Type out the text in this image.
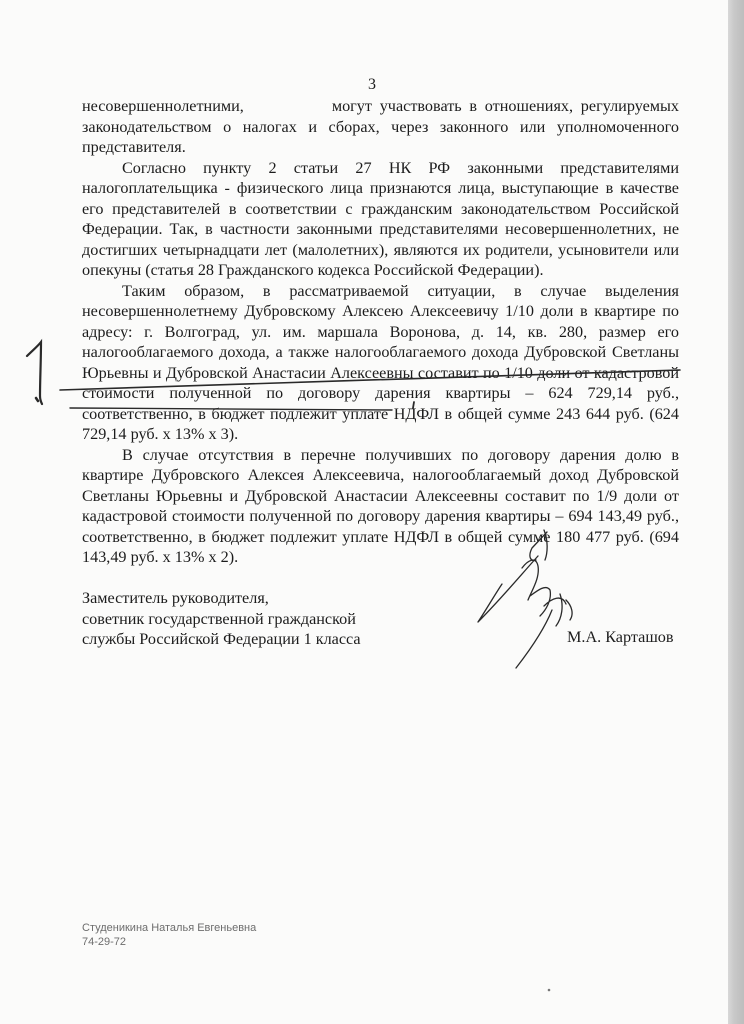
3

несовершеннолетними,	могут участвовать в отношениях, регулируемых законодательством о налогах и сборах, через законного или уполномоченного представителя.

Согласно пункту 2 статьи 27 НК РФ законными представителями налогоплательщика - физического лица признаются лица, выступающие в качестве его представителей в соответствии с гражданским законодательством Российской Федерации. Так, в частности законными представителями несовершеннолетних, не достигших четырнадцати лет (малолетних), являются их родители, усыновители или опекуны (статья 28 Гражданского кодекса Российской Федерации).

Таким образом, в рассматриваемой ситуации, в случае выделения несовершеннолетнему Дубровскому Алексею Алексеевичу 1/10 доли в квартире по адресу: г. Волгоград, ул. им. маршала Воронова, д. 14, кв. 280, размер его налогооблагаемого дохода, а также налогооблагаемого дохода Дубровской Светланы Юрьевны и Дубровской Анастасии Алексеевны составит по 1/10 доли от кадастровой стоимости полученной по договору дарения квартиры – 624 729,14 руб., соответственно, в бюджет подлежит уплате НДФЛ в общей сумме 243 644 руб. (624 729,14 руб. х 13% х 3).

В случае отсутствия в перечне получивших по договору дарения долю в квартире Дубровского Алексея Алексеевича, налогооблагаемый доход Дубровской Светланы Юрьевны и Дубровской Анастасии Алексеевны составит по 1/9 доли от кадастровой стоимости полученной по договору дарения квартиры – 694 143,49 руб., соответственно, в бюджет подлежит уплате НДФЛ в общей сумме 180 477 руб. (694 143,49 руб. х 13% х 2).

Заместитель руководителя,
советник государственной гражданской
службы Российской Федерации 1 класса	М.А. Карташов
Студеникина Наталья Евгеньевна
74-29-72
